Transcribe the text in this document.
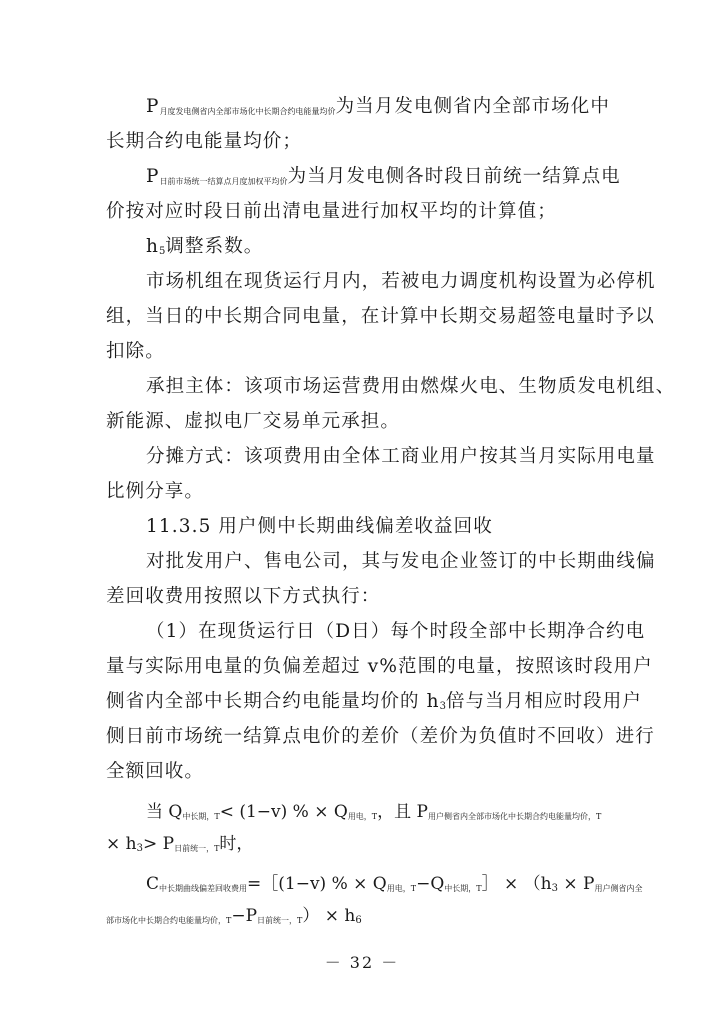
$P_{月度发电侧省内全部市场化中长期合约电能量均价}$为当月发电侧省内全部市场化中
长期合约电能量均价；
$P_{日前市场统一结算点月度加权平均价}$为当月发电侧各时段日前统一结算点电
价按对应时段日前出清电量进行加权平均的计算值；
h5调整系数。
市场机组在现货运行月内，若被电力调度机构设置为必停机
组，当日的中长期合同电量，在计算中长期交易超签电量时予以
扣除。
承担主体：该项市场运营费用由燃煤火电、生物质发电机组、
新能源、虚拟电厂交易单元承担。
分摊方式：该项费用由全体工商业用户按其当月实际用电量
比例分享。
11.3.5 用户侧中长期曲线偏差收益回收
对批发用户、售电公司，其与发电企业签订的中长期曲线偏
差回收费用按照以下方式执行：
（1）在现货运行日（D日）每个时段全部中长期净合约电
量与实际用电量的负偏差超过 v%范围的电量，按照该时段用户
侧省内全部中长期合约电能量均价的 h3倍与当月相应时段用户
侧日前市场统一结算点电价的差价（差价为负值时不回收）进行
全额回收。
当 $Q_{中长期,T}< (1-v)$ % × $Q_{用电,T}$，且 $P_{用户侧省内全部市场化中长期合约电能量均价,T}$
× $h3> P_{日前统一,T}$时，
$C_{中长期曲线偏差回收费用}=[(1-v)$ % × $Q_{用电,T}-Q_{中长期,T}] \times (h3 \times P_{用户侧省内全}$
$_{部市场化中长期合约电能量均价,T}-P_{日前统一,T}) \times h6$
－ 32 －
